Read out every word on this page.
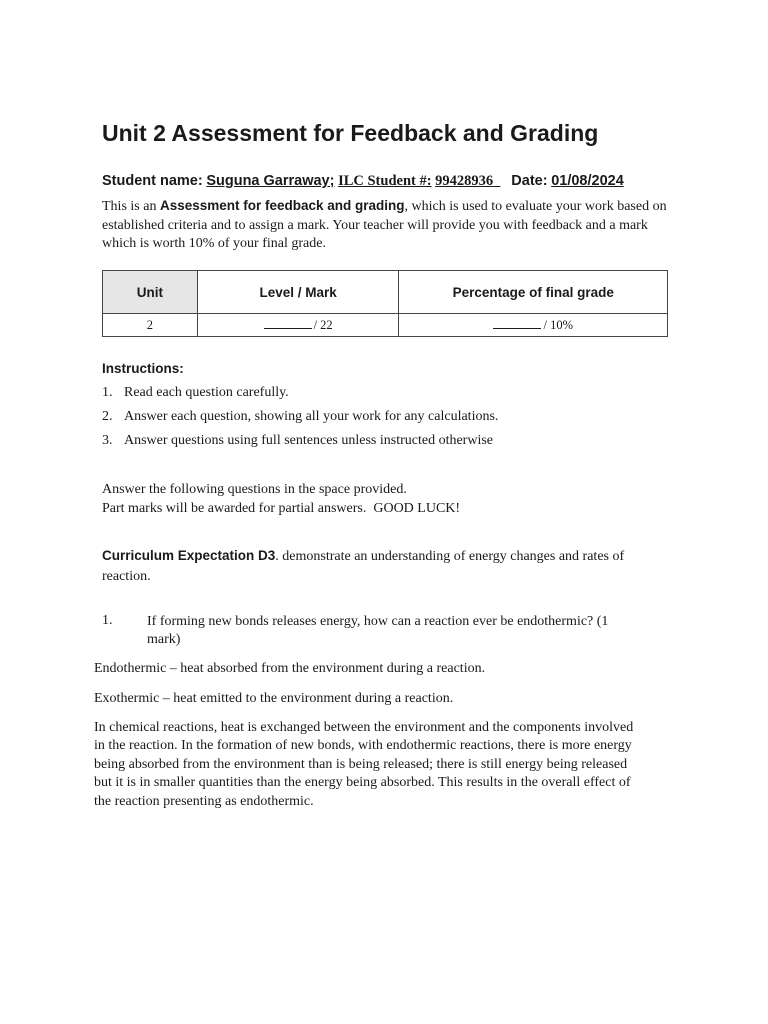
Unit 2 Assessment for Feedback and Grading
Student name: Suguna Garraway; ILC Student #: 99428936 Date: 01/08/2024
This is an Assessment for feedback and grading, which is used to evaluate your work based on established criteria and to assign a mark. Your teacher will provide you with feedback and a mark which is worth 10% of your final grade.
Unit	Level / Mark	Percentage of final grade
2	/ 22	/ 10%
Instructions:
1. Read each question carefully.
2. Answer each question, showing all your work for any calculations.
3. Answer questions using full sentences unless instructed otherwise
Answer the following questions in the space provided.
Part marks will be awarded for partial answers.  GOOD LUCK!
Curriculum Expectation D3. demonstrate an understanding of energy changes and rates of reaction.
1. If forming new bonds releases energy, how can a reaction ever be endothermic? (1 mark)
Endothermic – heat absorbed from the environment during a reaction.
Exothermic – heat emitted to the environment during a reaction.
In chemical reactions, heat is exchanged between the environment and the components involved in the reaction. In the formation of new bonds, with endothermic reactions, there is more energy being absorbed from the environment than is being released; there is still energy being released but it is in smaller quantities than the energy being absorbed. This results in the overall effect of the reaction presenting as endothermic.
